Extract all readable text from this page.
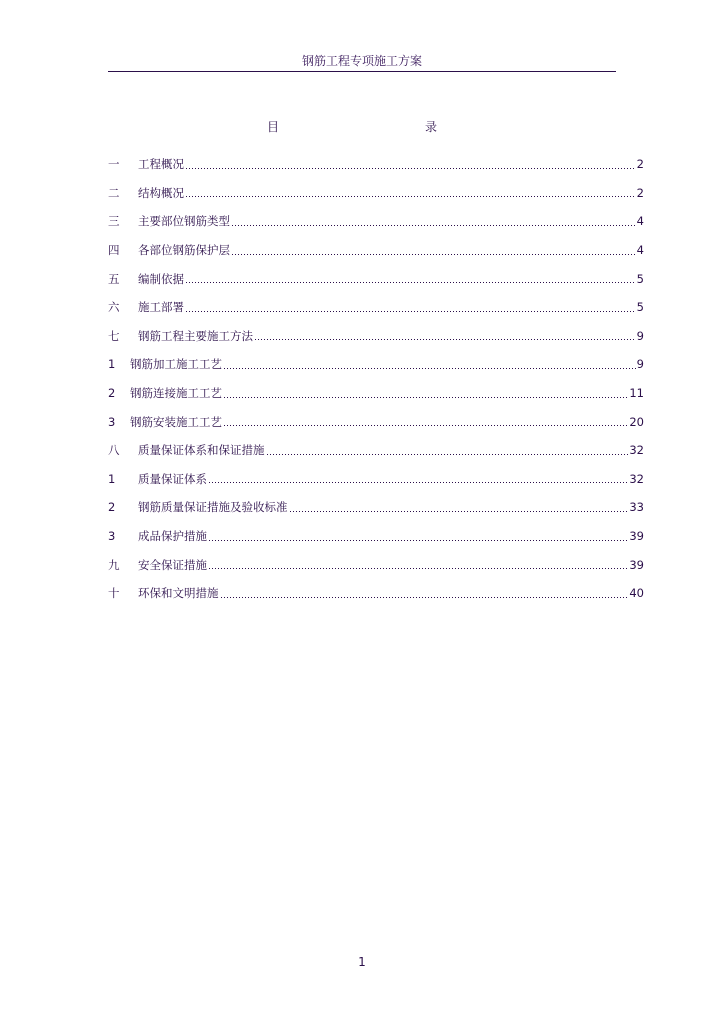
钢筋工程专项施工方案
目	录
一	工程概况	2
二	结构概况	2
三	主要部位钢筋类型	4
四	各部位钢筋保护层	4
五	编制依据	5
六	施工部署	5
七	钢筋工程主要施工方法	9
1	钢筋加工施工工艺	9
2	钢筋连接施工工艺	11
3	钢筋安装施工工艺	20
八	质量保证体系和保证措施	32
1	质量保证体系	32
2	钢筋质量保证措施及验收标准	33
3	成品保护措施	39
九	安全保证措施	39
十	环保和文明措施	40
1
